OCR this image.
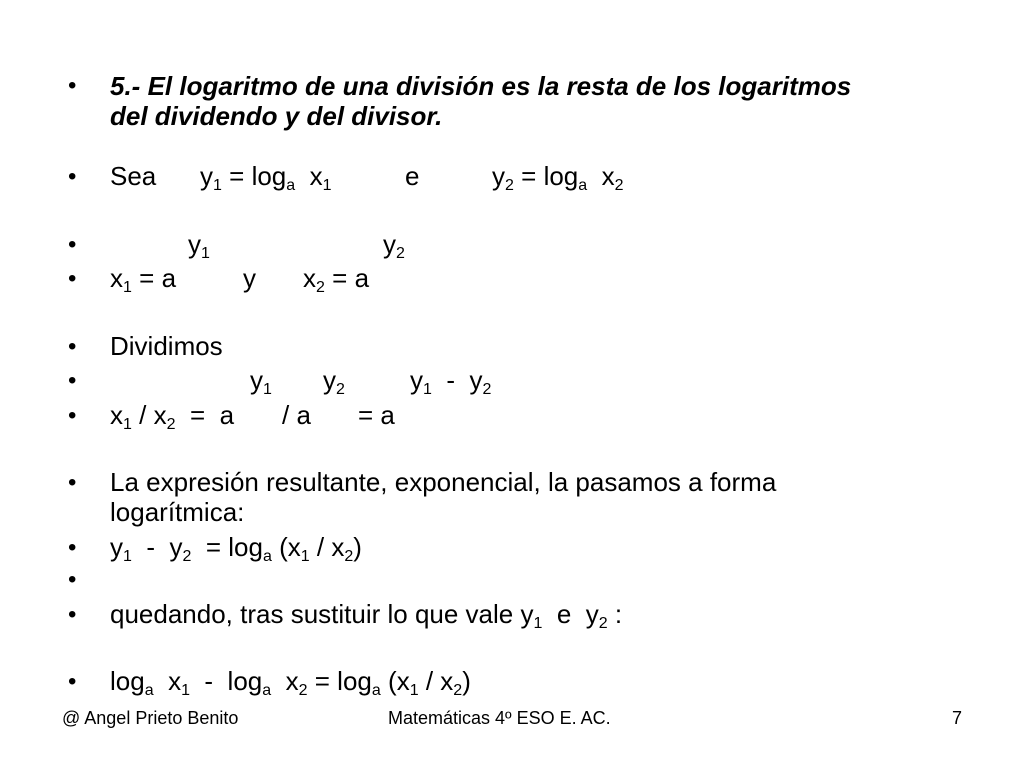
• 5.- El logaritmo de una división es la resta de los logaritmos
del dividendo y del divisor.
• Sea $y_1 = \log_a x_1$	e	$y_2 = \log_a x_2$
•	$y_1$	$y_2$
• $x_1 = a$	y $x_2 = a$
• Dividimos
•	$y_1$ $y_2$	$y_1 - y_2$
• $x_1 / x_2 = a / a = a$
• La expresión resultante, exponencial, la pasamos a forma
logarítmica:
• $y_1 - y_2 = \log_a (x_1 / x_2)$
•
• quedando, tras sustituir lo que vale $y_1$ e $y_2$ :
• $\log_a x_1 - \log_a x_2 = \log_a (x_1 / x_2)$
@ Angel Prieto Benito	Matemáticas 4º ESO E. AC.	7
